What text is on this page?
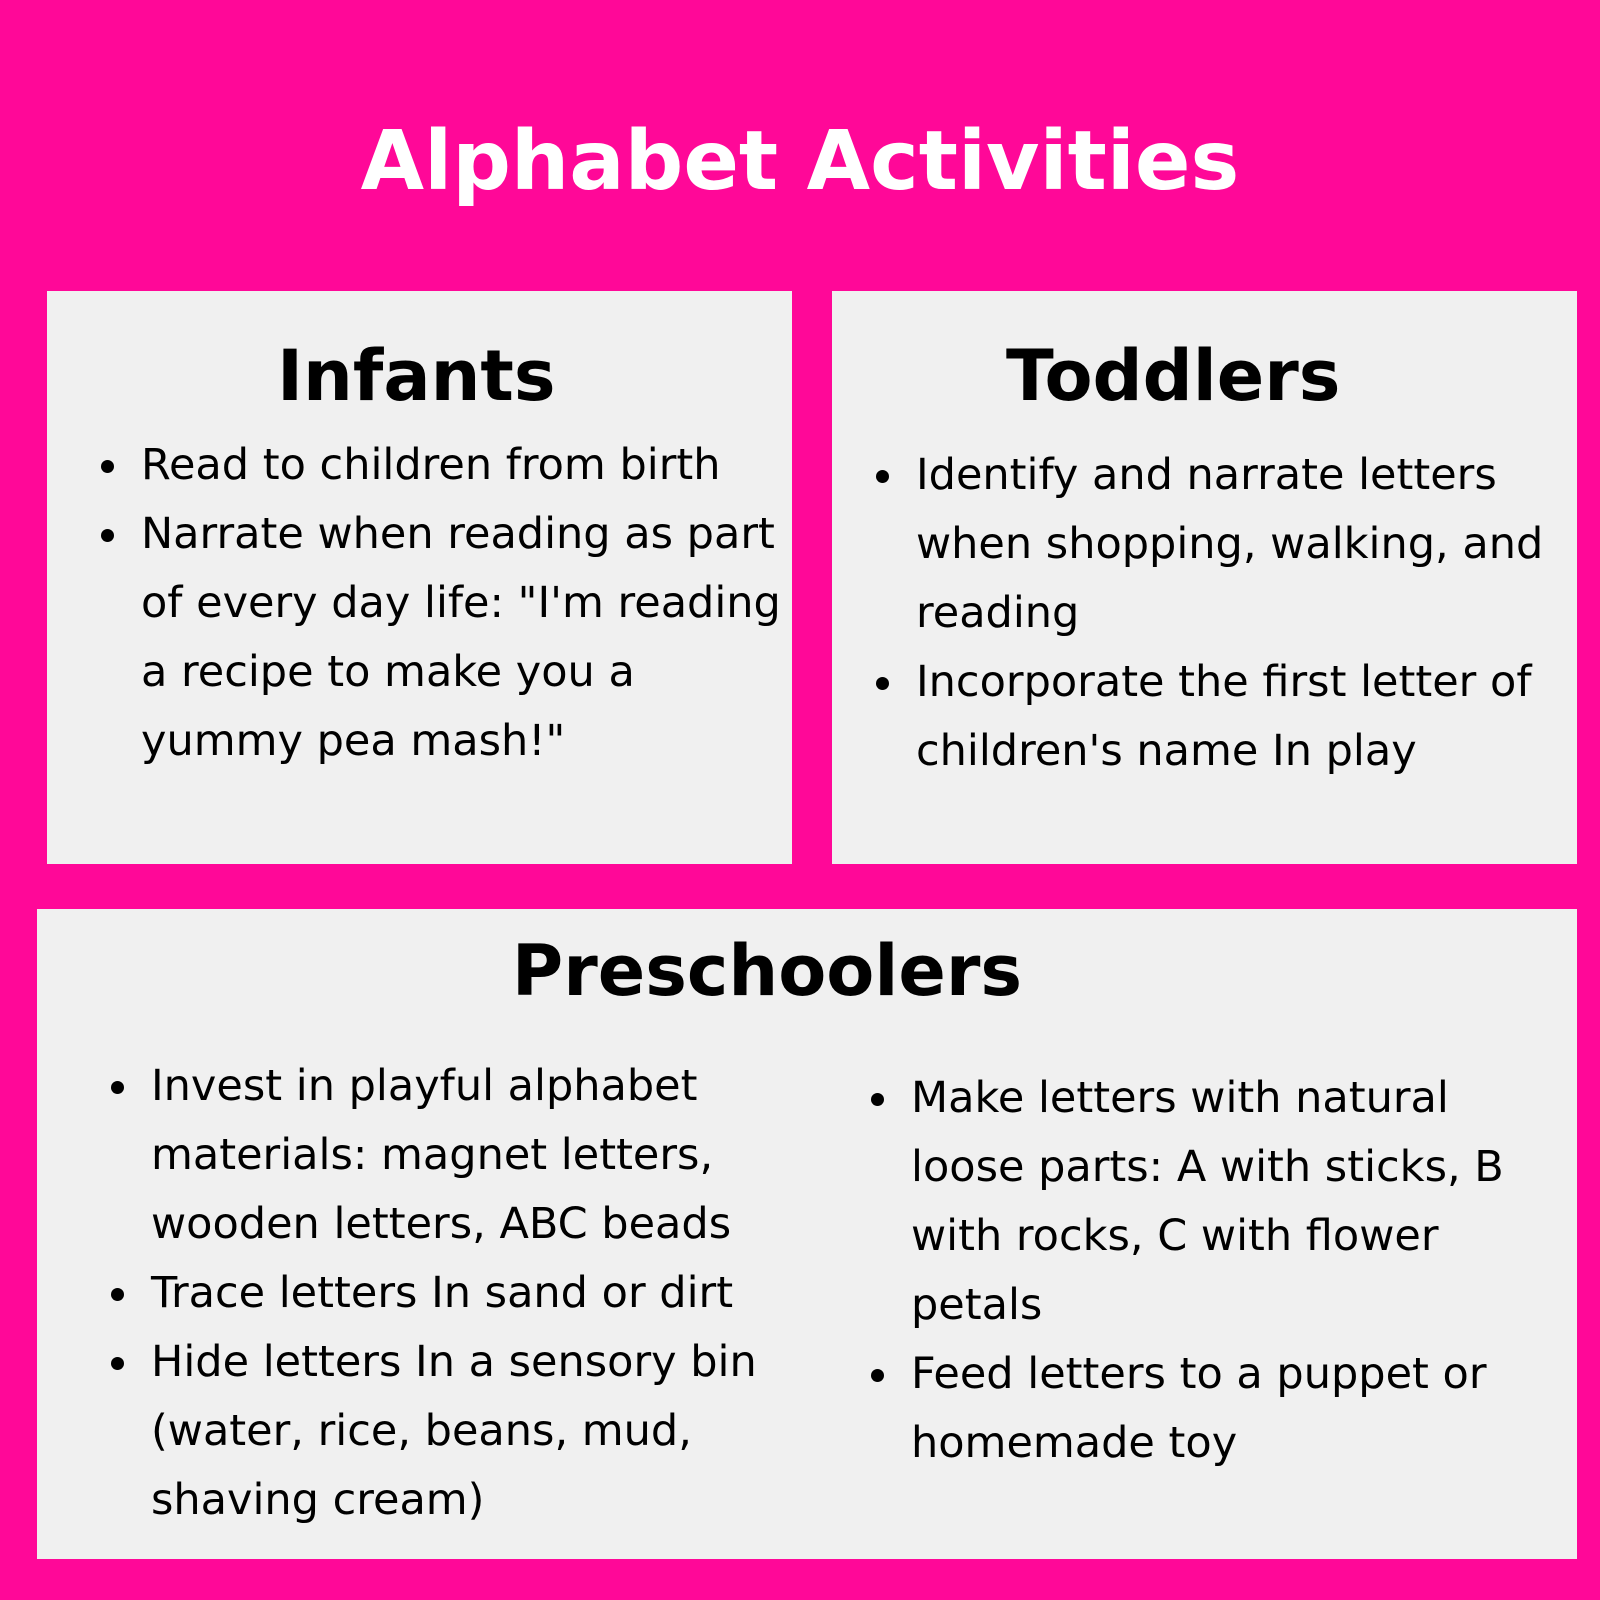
Alphabet Activities
Infants
Read to children from birth
Narrate when reading as part of every day life: "I'm reading a recipe to make you a yummy pea mash!"
Toddlers
Identify and narrate letters when shopping, walking, and reading
Incorporate the first letter of children's name In play
Preschoolers
Invest in playful alphabet materials: magnet letters, wooden letters, ABC beads
Trace letters In sand or dirt
Hide letters In a sensory bin (water, rice, beans, mud, shaving cream)
Make letters with natural loose parts: A with sticks, B with rocks, C with flower petals
Feed letters to a puppet or homemade toy
